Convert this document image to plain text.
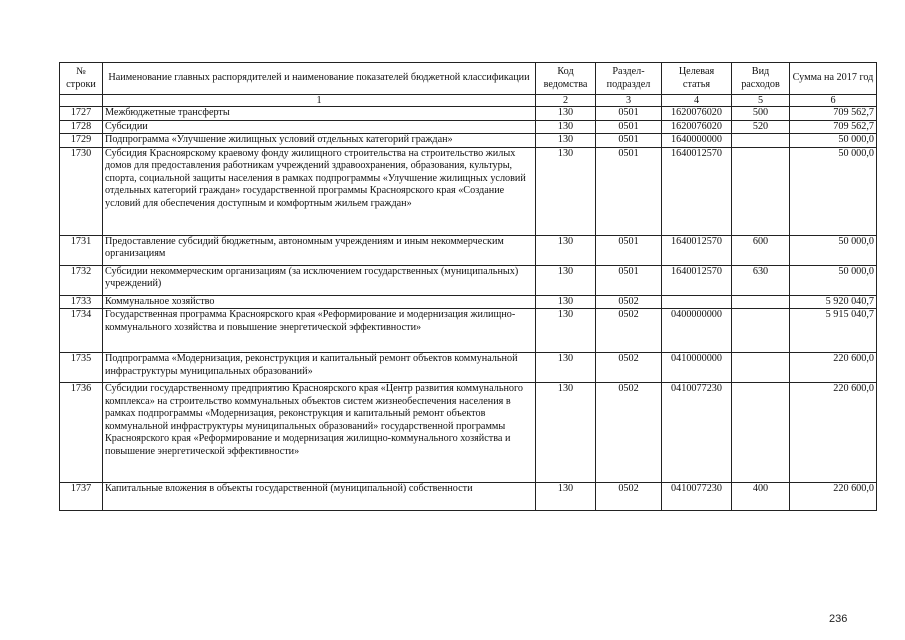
№ строки	Наименование главных распорядителей и наименование показателей бюджетной классификации	Код ведомства	Раздел-подраздел	Целевая статья	Вид расходов	Сумма на 2017 год
	1	2	3	4	5	6
1727	Межбюджетные трансферты	130	0501	1620076020	500	709 562,7
1728	Субсидии	130	0501	1620076020	520	709 562,7
1729	Подпрограмма «Улучшение жилищных условий отдельных категорий граждан»	130	0501	1640000000		50 000,0
1730	Субсидия Красноярскому краевому фонду жилищного строительства на строительство жилых домов для предоставления работникам учреждений здравоохранения, образования, культуры, спорта, социальной защиты населения в рамках подпрограммы «Улучшение жилищных условий отдельных категорий граждан» государственной программы Красноярского края «Создание условий для обеспечения доступным и комфортным жильем граждан»	130	0501	1640012570		50 000,0
1731	Предоставление субсидий бюджетным, автономным учреждениям и иным некоммерческим организациям	130	0501	1640012570	600	50 000,0
1732	Субсидии некоммерческим организациям (за исключением государственных (муниципальных) учреждений)	130	0501	1640012570	630	50 000,0
1733	Коммунальное хозяйство	130	0502			5 920 040,7
1734	Государственная программа Красноярского края «Реформирование и модернизация жилищно-коммунального хозяйства и повышение энергетической эффективности»	130	0502	0400000000		5 915 040,7
1735	Подпрограмма «Модернизация, реконструкция и капитальный ремонт объектов коммунальной инфраструктуры муниципальных образований»	130	0502	0410000000		220 600,0
1736	Субсидии государственному предприятию Красноярского края «Центр развития коммунального комплекса» на строительство коммунальных объектов систем жизнеобеспечения населения в рамках подпрограммы «Модернизация, реконструкция и капитальный ремонт объектов коммунальной инфраструктуры муниципальных образований» государственной программы Красноярского края «Реформирование и модернизация жилищно-коммунального хозяйства и повышение энергетической эффективности»	130	0502	0410077230		220 600,0
1737	Капитальные вложения в объекты государственной (муниципальной) собственности	130	0502	0410077230	400	220 600,0
236
